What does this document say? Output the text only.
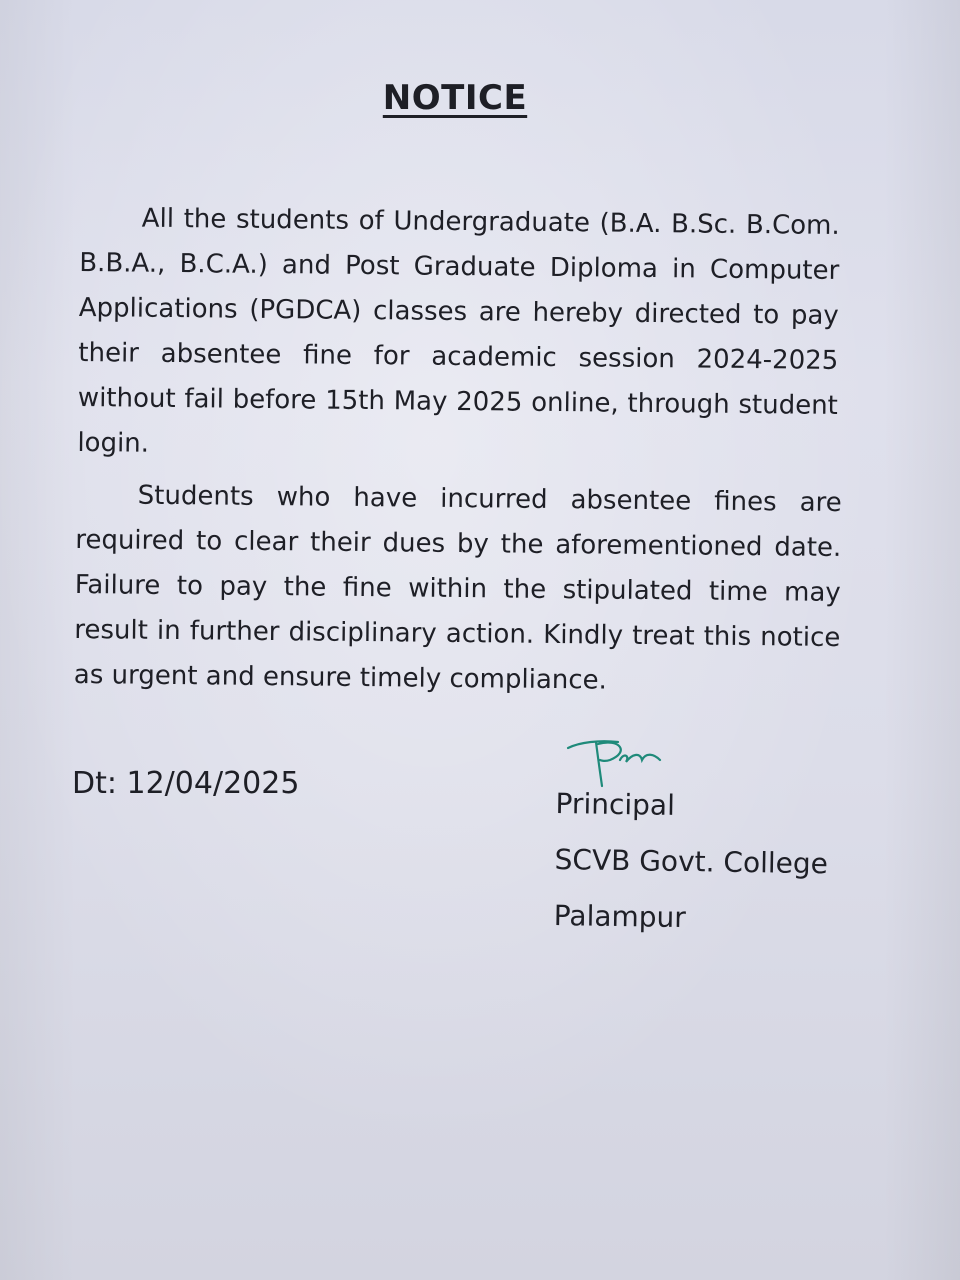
NOTICE

All the students of Undergraduate (B.A. B.Sc. B.Com. B.B.A., B.C.A.) and Post Graduate Diploma in Computer Applications (PGDCA) classes are hereby directed to pay their absentee fine for academic session 2024-2025 without fail before 15th May 2025 online, through student login.

Students who have incurred absentee fines are required to clear their dues by the aforementioned date. Failure to pay the fine within the stipulated time may result in further disciplinary action. Kindly treat this notice as urgent and ensure timely compliance.

Dt: 12/04/2025

Principal
SCVB Govt. College
Palampur
